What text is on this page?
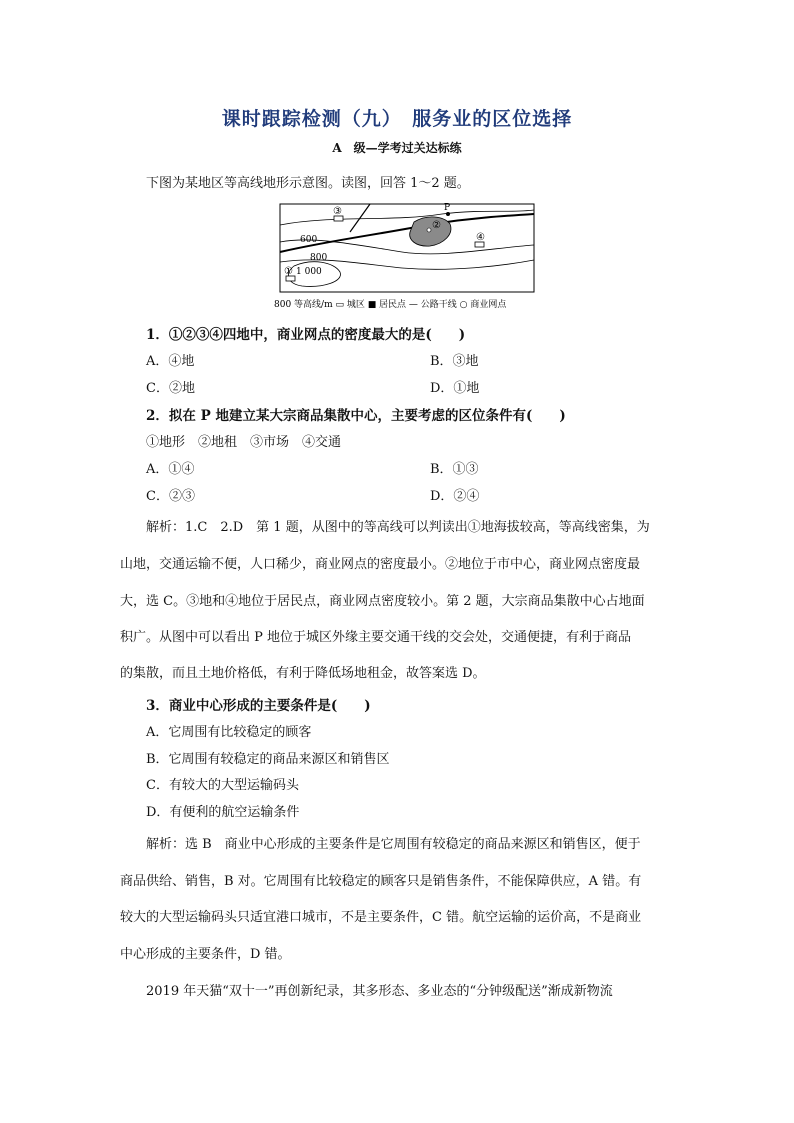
课时跟踪检测（九）　服务业的区位选择
A　级—学考过关达标练
下图为某地区等高线地形示意图。读图，回答 1～2 题。
③	P
②
④
①
600
800
1 000
800 等高线/m ▭ 城区 ■ 居民点 — 公路干线 ○ 商业网点
1．①②③④四地中，商业网点的密度最大的是(　　)
A．④地	B．③地
C．②地	D．①地
2．拟在 P 地建立某大宗商品集散中心，主要考虑的区位条件有(　　)
①地形　②地租　③市场　④交通
A．①④	B．①③
C．②③	D．②④
解析：1.C　2.D　第 1 题，从图中的等高线可以判读出①地海拔较高，等高线密集，为
山地，交通运输不便，人口稀少，商业网点的密度最小。②地位于市中心，商业网点密度最
大，选 C。③地和④地位于居民点，商业网点密度较小。第 2 题，大宗商品集散中心占地面
积广。从图中可以看出 P 地位于城区外缘主要交通干线的交会处，交通便捷，有利于商品
的集散，而且土地价格低，有利于降低场地租金，故答案选 D。
3．商业中心形成的主要条件是(　　)
A．它周围有比较稳定的顾客
B．它周围有较稳定的商品来源区和销售区
C．有较大的大型运输码头
D．有便利的航空运输条件
解析：选 B　商业中心形成的主要条件是它周围有较稳定的商品来源区和销售区，便于
商品供给、销售，B 对。它周围有比较稳定的顾客只是销售条件，不能保障供应，A 错。有
较大的大型运输码头只适宜港口城市，不是主要条件，C 错。航空运输的运价高，不是商业
中心形成的主要条件，D 错。
2019 年天猫“双十一”再创新纪录，其多形态、多业态的“分钟级配送”渐成新物流
